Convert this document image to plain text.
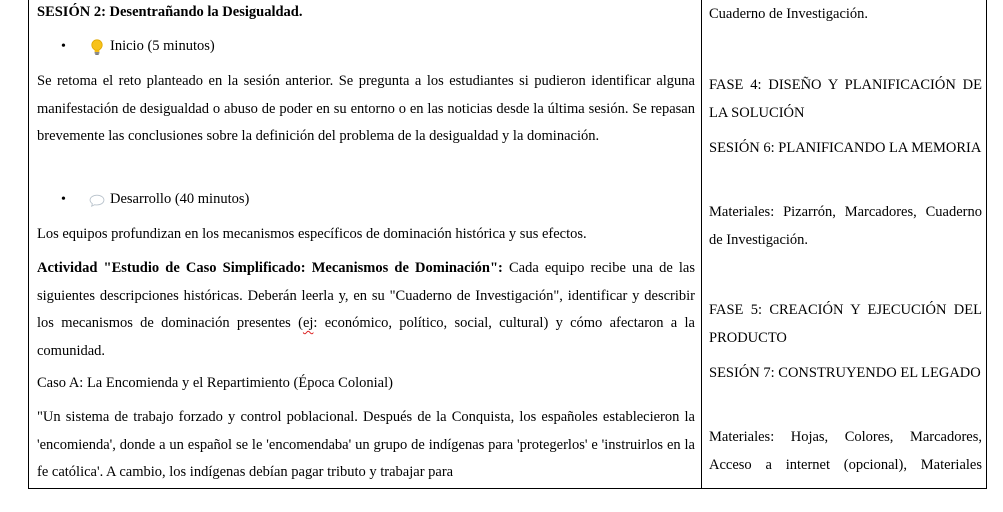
SESIÓN 2: Desentrañando la Desigualdad.
•	Inicio (5 minutos)

Se retoma el reto planteado en la sesión anterior. Se pregunta a los estudiantes si pudieron identificar alguna manifestación de desigualdad o abuso de poder en su entorno o en las noticias desde la última sesión. Se repasan brevemente las conclusiones sobre la definición del problema de la desigualdad y la dominación.

•	Desarrollo (40 minutos)

Los equipos profundizan en los mecanismos específicos de dominación histórica y sus efectos.

Actividad "Estudio de Caso Simplificado: Mecanismos de Dominación": Cada equipo recibe una de las siguientes descripciones históricas. Deberán leerla y, en su "Cuaderno de Investigación", identificar y describir los mecanismos de dominación presentes (ej: económico, político, social, cultural) y cómo afectaron a la comunidad.

Caso A: La Encomienda y el Repartimiento (Época Colonial)

"Un sistema de trabajo forzado y control poblacional. Después de la Conquista, los españoles establecieron la 'encomienda', donde a un español se le 'encomendaba' un grupo de indígenas para 'protegerlos' e 'instruirlos en la fe católica'. A cambio, los indígenas debían pagar tributo y trabajar para

Cuaderno de Investigación.

FASE 4: DISEÑO Y PLANIFICACIÓN DE LA SOLUCIÓN

SESIÓN 6: PLANIFICANDO LA MEMORIA

Materiales: Pizarrón, Marcadores, Cuaderno de Investigación.

FASE 5: CREACIÓN Y EJECUCIÓN DEL PRODUCTO

SESIÓN 7: CONSTRUYENDO EL LEGADO

Materiales: Hojas, Colores, Marcadores, Acceso a internet (opcional), Materiales
